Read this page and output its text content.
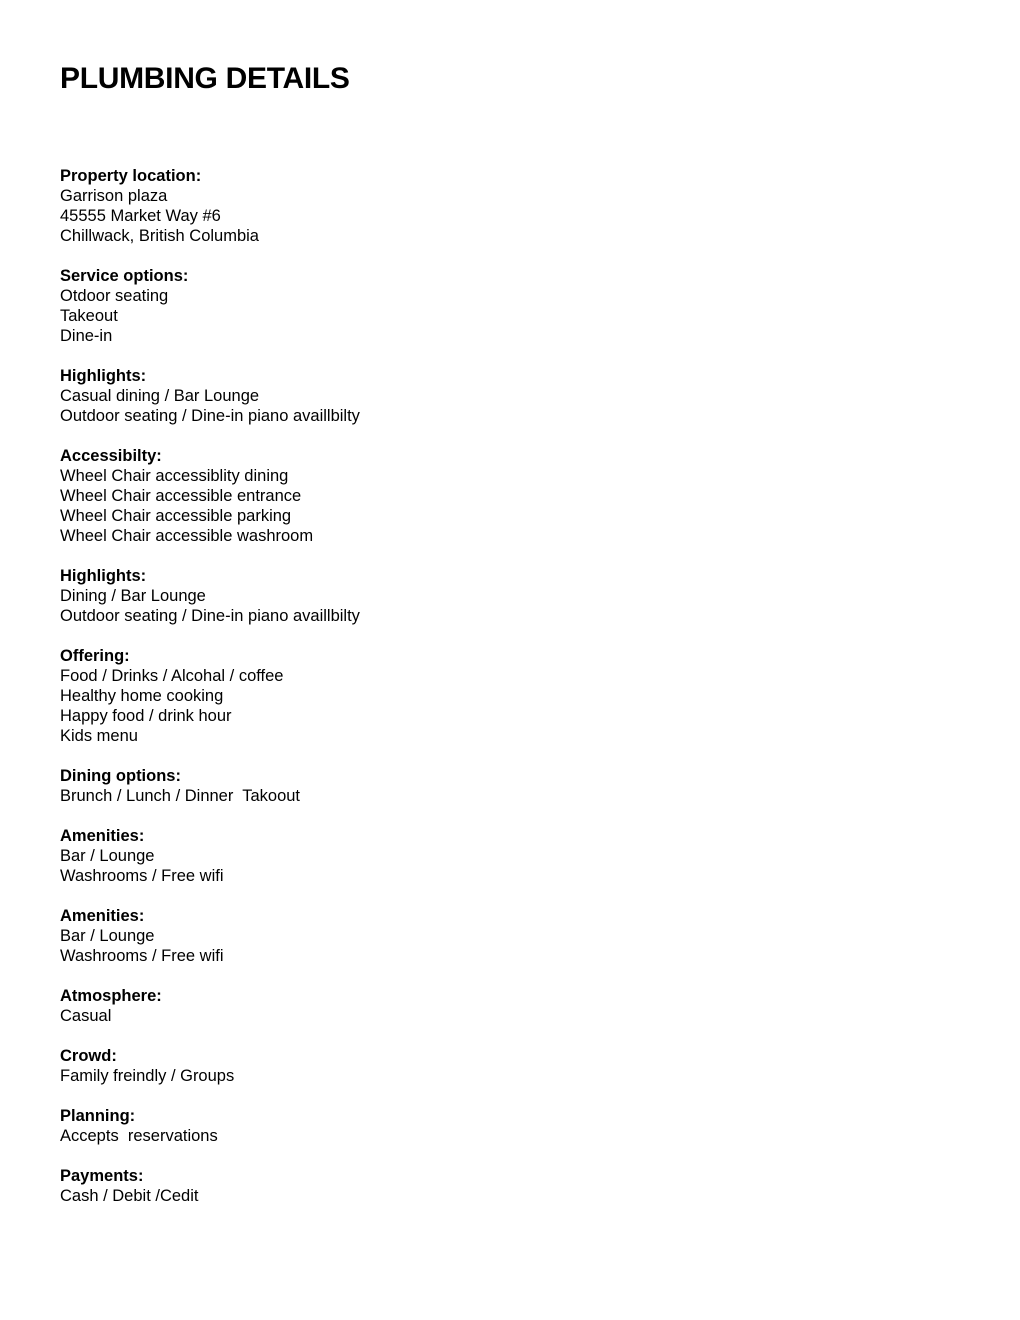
PLUMBING DETAILS

Property location:

Garrison plaza

45555 Market Way #6

Chillwack, British Columbia

Service options:

Otdoor seating

Takeout

Dine-in

Highlights:

Casual dining / Bar Lounge

Outdoor seating / Dine-in piano availlbilty

Accessibilty:

Wheel Chair accessiblity dining

Wheel Chair accessible entrance

Wheel Chair accessible parking

Wheel Chair accessible washroom

Highlights:

Dining / Bar Lounge

Outdoor seating / Dine-in piano availlbilty

Offering:

Food / Drinks / Alcohal / coffee

Healthy home cooking

Happy food / drink hour

Kids menu

Dining options:

Brunch / Lunch / Dinner  Takoout

Amenities:

Bar / Lounge

Washrooms / Free wifi

Amenities:

Bar / Lounge

Washrooms / Free wifi

Atmosphere:

Casual

Crowd:

Family freindly / Groups

Planning:

Accepts  reservations

Payments:

Cash / Debit /Cedit
